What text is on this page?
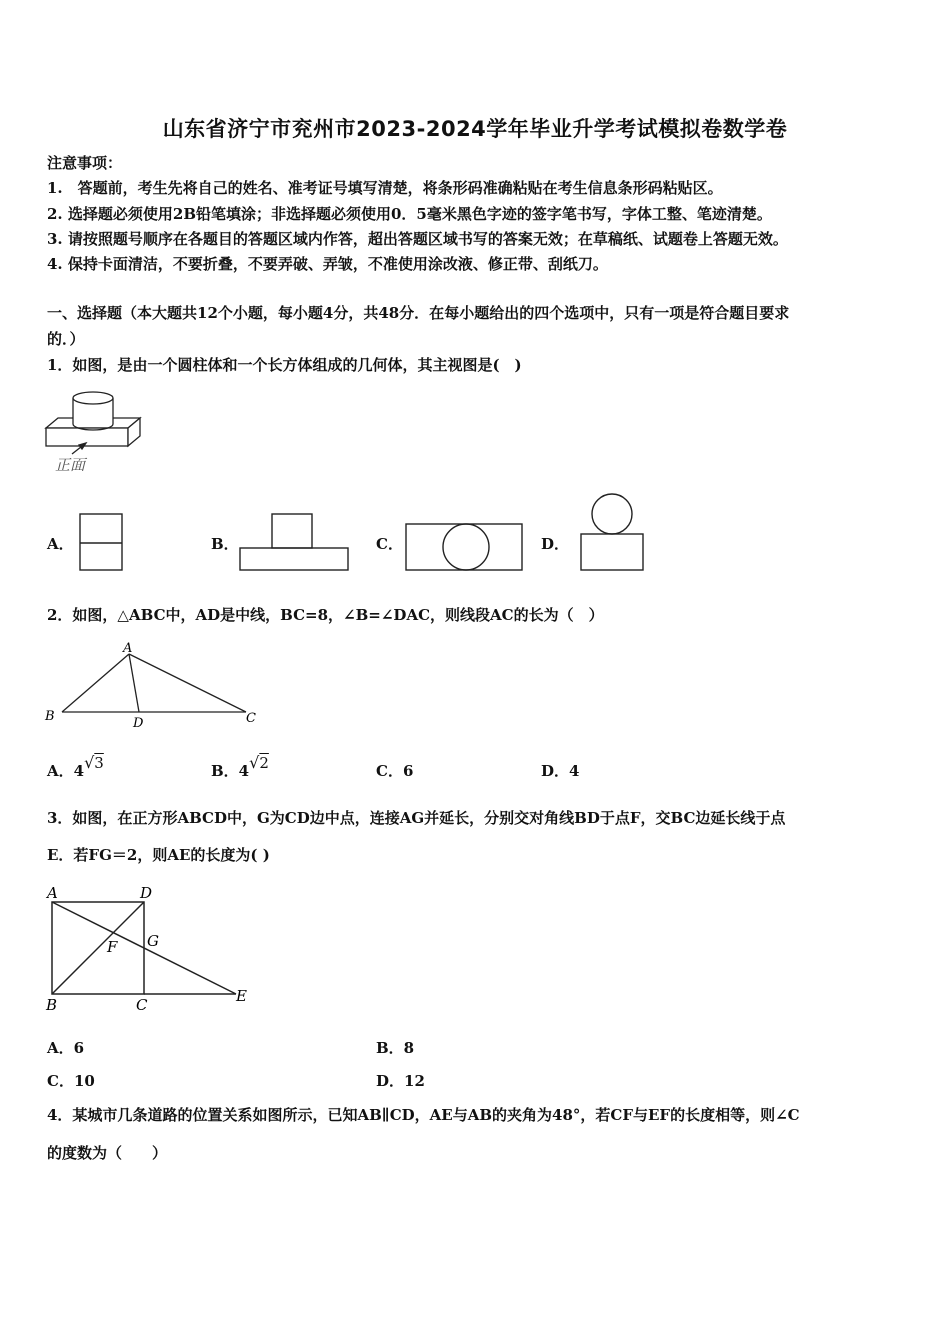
山东省济宁市兖州市2023-2024学年毕业升学考试模拟卷数学卷
注意事项：
1.　答题前，考生先将自己的姓名、准考证号填写清楚，将条形码准确粘贴在考生信息条形码粘贴区。
2. 选择题必须使用2B铅笔填涂；非选择题必须使用0．5毫米黑色字迹的签字笔书写，字体工整、笔迹清楚。
3. 请按照题号顺序在各题目的答题区域内作答，超出答题区域书写的答案无效；在草稿纸、试题卷上答题无效。
4. 保持卡面清洁，不要折叠，不要弄破、弄皱，不准使用涂改液、修正带、刮纸刀。
一、选择题（本大题共12个小题，每小题4分，共48分．在每小题给出的四个选项中，只有一项是符合题目要求
的．）
1．如图，是由一个圆柱体和一个长方体组成的几何体，其主视图是(　)
正面
A．	B．	C．	D．
2．如图，△ABC中，AD是中线，BC=8，∠B=∠DAC，则线段AC的长为（　）
A
B	D	C
A．4√3	B．4√2	C．6	D．4
3．如图，在正方形ABCD中，G为CD边中点，连接AG并延长，分别交对角线BD于点F，交BC边延长线于点
E．若FG＝2，则AE的长度为( )
A	D
F G
B	C	E
A．6	B．8
C．10	D．12
4．某城市几条道路的位置关系如图所示，已知AB∥CD，AE与AB的夹角为48°，若CF与EF的长度相等，则∠C
的度数为（　　）
